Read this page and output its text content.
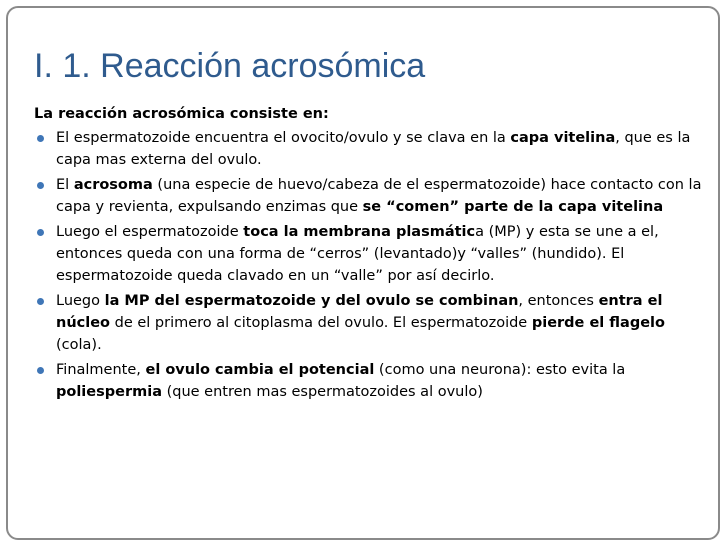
I. 1. Reacción acrosómica

La reacción acrosómica consiste en:

El espermatozoide encuentra el ovocito/ovulo y se clava en la capa vitelina, que es la capa mas externa del ovulo.
El acrosoma (una especie de huevo/cabeza de el espermatozoide) hace contacto con la capa y revienta, expulsando enzimas que se “comen” parte de la capa vitelina
Luego el espermatozoide toca la membrana plasmática (MP) y esta se une a el, entonces queda con una forma de “cerros” (levantado)y “valles” (hundido). El espermatozoide queda clavado en un “valle” por así decirlo.
Luego la MP del espermatozoide y del ovulo se combinan, entonces entra el núcleo de el primero al citoplasma del ovulo. El espermatozoide pierde el flagelo (cola).
Finalmente, el ovulo cambia el potencial (como una neurona): esto evita la poliespermia (que entren mas espermatozoides al ovulo)
